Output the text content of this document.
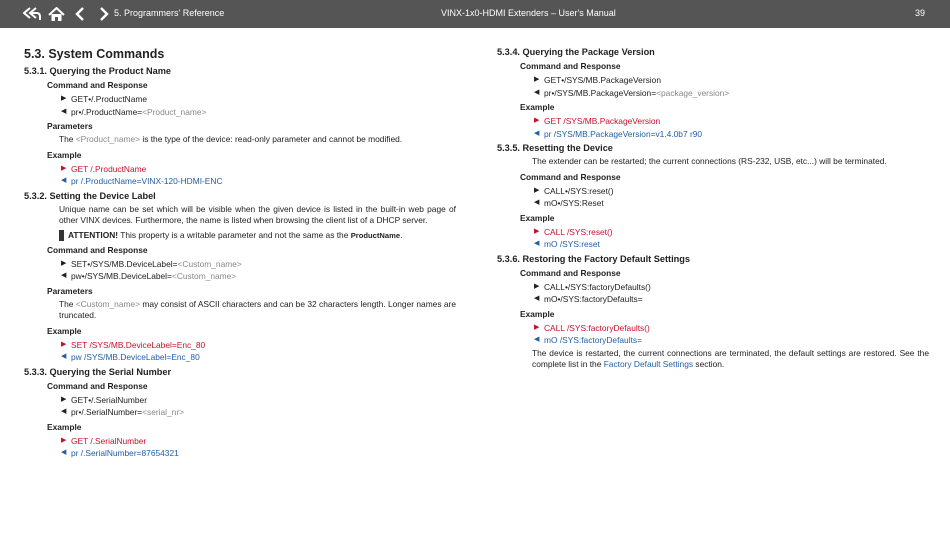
5. Programmers' Reference	VINX-1x0-HDMI Extenders – User's Manual	39
5.3. System Commands
5.3.1. Querying the Product Name
Command and Response
▶ GET•/.ProductName
◀ pr•/.ProductName=<Product_name>
Parameters
The <Product_name> is the type of the device: read-only parameter and cannot be modified.
Example
▶ GET /.ProductName
◀ pr /.ProductName=VINX-120-HDMI-ENC
5.3.2. Setting the Device Label
Unique name can be set which will be visible when the given device is listed in the built-in web page of other VINX devices. Furthermore, the name is listed when browsing the client list of a DHCP server.
ATTENTION! This property is a writable parameter and not the same as the ProductName.
Command and Response
▶ SET•/SYS/MB.DeviceLabel=<Custom_name>
◀ pw•/SYS/MB.DeviceLabel=<Custom_name>
Parameters
The <Custom_name> may consist of ASCII characters and can be 32 characters length. Longer names are truncated.
Example
▶ SET /SYS/MB.DeviceLabel=Enc_80
◀ pw /SYS/MB.DeviceLabel=Enc_80
5.3.3. Querying the Serial Number
Command and Response
▶ GET•/.SerialNumber
◀ pr•/.SerialNumber=<serial_nr>
Example
▶ GET /.SerialNumber
◀ pr /.SerialNumber=87654321
5.3.4. Querying the Package Version
Command and Response
▶ GET•/SYS/MB.PackageVersion
◀ pr•/SYS/MB.PackageVersion=<package_version>
Example
▶ GET /SYS/MB.PackageVersion
◀ pr /SYS/MB.PackageVersion=v1.4.0b7 r90
5.3.5. Resetting the Device
The extender can be restarted; the current connections (RS-232, USB, etc...) will be terminated.
Command and Response
▶ CALL•/SYS:reset()
◀ mO•/SYS:Reset
Example
▶ CALL /SYS:reset()
◀ mO /SYS:reset
5.3.6. Restoring the Factory Default Settings
Command and Response
▶ CALL•/SYS:factoryDefaults()
◀ mO•/SYS:factoryDefaults=
Example
▶ CALL /SYS:factoryDefaults()
◀ mO /SYS:factoryDefaults=
The device is restarted, the current connections are terminated, the default settings are restored. See the complete list in the Factory Default Settings section.
